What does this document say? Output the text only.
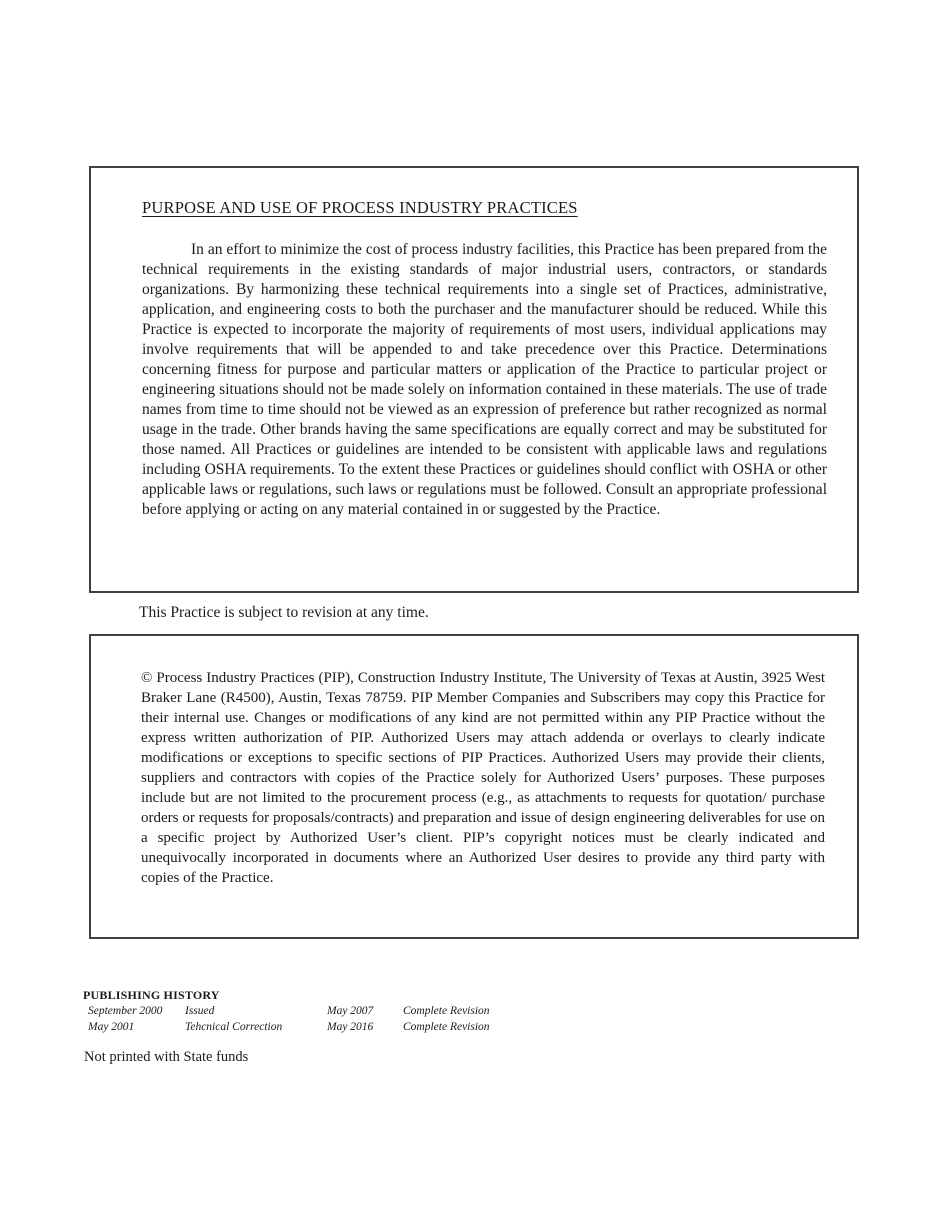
PURPOSE AND USE OF PROCESS INDUSTRY PRACTICES

In an effort to minimize the cost of process industry facilities, this Practice has been prepared from the technical requirements in the existing standards of major industrial users, contractors, or standards organizations. By harmonizing these technical requirements into a single set of Practices, administrative, application, and engineering costs to both the purchaser and the manufacturer should be reduced. While this Practice is expected to incorporate the majority of requirements of most users, individual applications may involve requirements that will be appended to and take precedence over this Practice. Determinations concerning fitness for purpose and particular matters or application of the Practice to particular project or engineering situations should not be made solely on information contained in these materials. The use of trade names from time to time should not be viewed as an expression of preference but rather recognized as normal usage in the trade. Other brands having the same specifications are equally correct and may be substituted for those named. All Practices or guidelines are intended to be consistent with applicable laws and regulations including OSHA requirements. To the extent these Practices or guidelines should conflict with OSHA or other applicable laws or regulations, such laws or regulations must be followed. Consult an appropriate professional before applying or acting on any material contained in or suggested by the Practice.

This Practice is subject to revision at any time.

© Process Industry Practices (PIP), Construction Industry Institute, The University of Texas at Austin, 3925 West Braker Lane (R4500), Austin, Texas 78759. PIP Member Companies and Subscribers may copy this Practice for their internal use. Changes or modifications of any kind are not permitted within any PIP Practice without the express written authorization of PIP. Authorized Users may attach addenda or overlays to clearly indicate modifications or exceptions to specific sections of PIP Practices. Authorized Users may provide their clients, suppliers and contractors with copies of the Practice solely for Authorized Users’ purposes. These purposes include but are not limited to the procurement process (e.g., as attachments to requests for quotation/ purchase orders or requests for proposals/contracts) and preparation and issue of design engineering deliverables for use on a specific project by Authorized User’s client. PIP’s copyright notices must be clearly indicated and unequivocally incorporated in documents where an Authorized User desires to provide any third party with copies of the Practice.

PUBLISHING HISTORY
September 2000	Issued	May 2007	Complete Revision
May 2001	Tehcnical Correction	May 2016	Complete Revision

Not printed with State funds
